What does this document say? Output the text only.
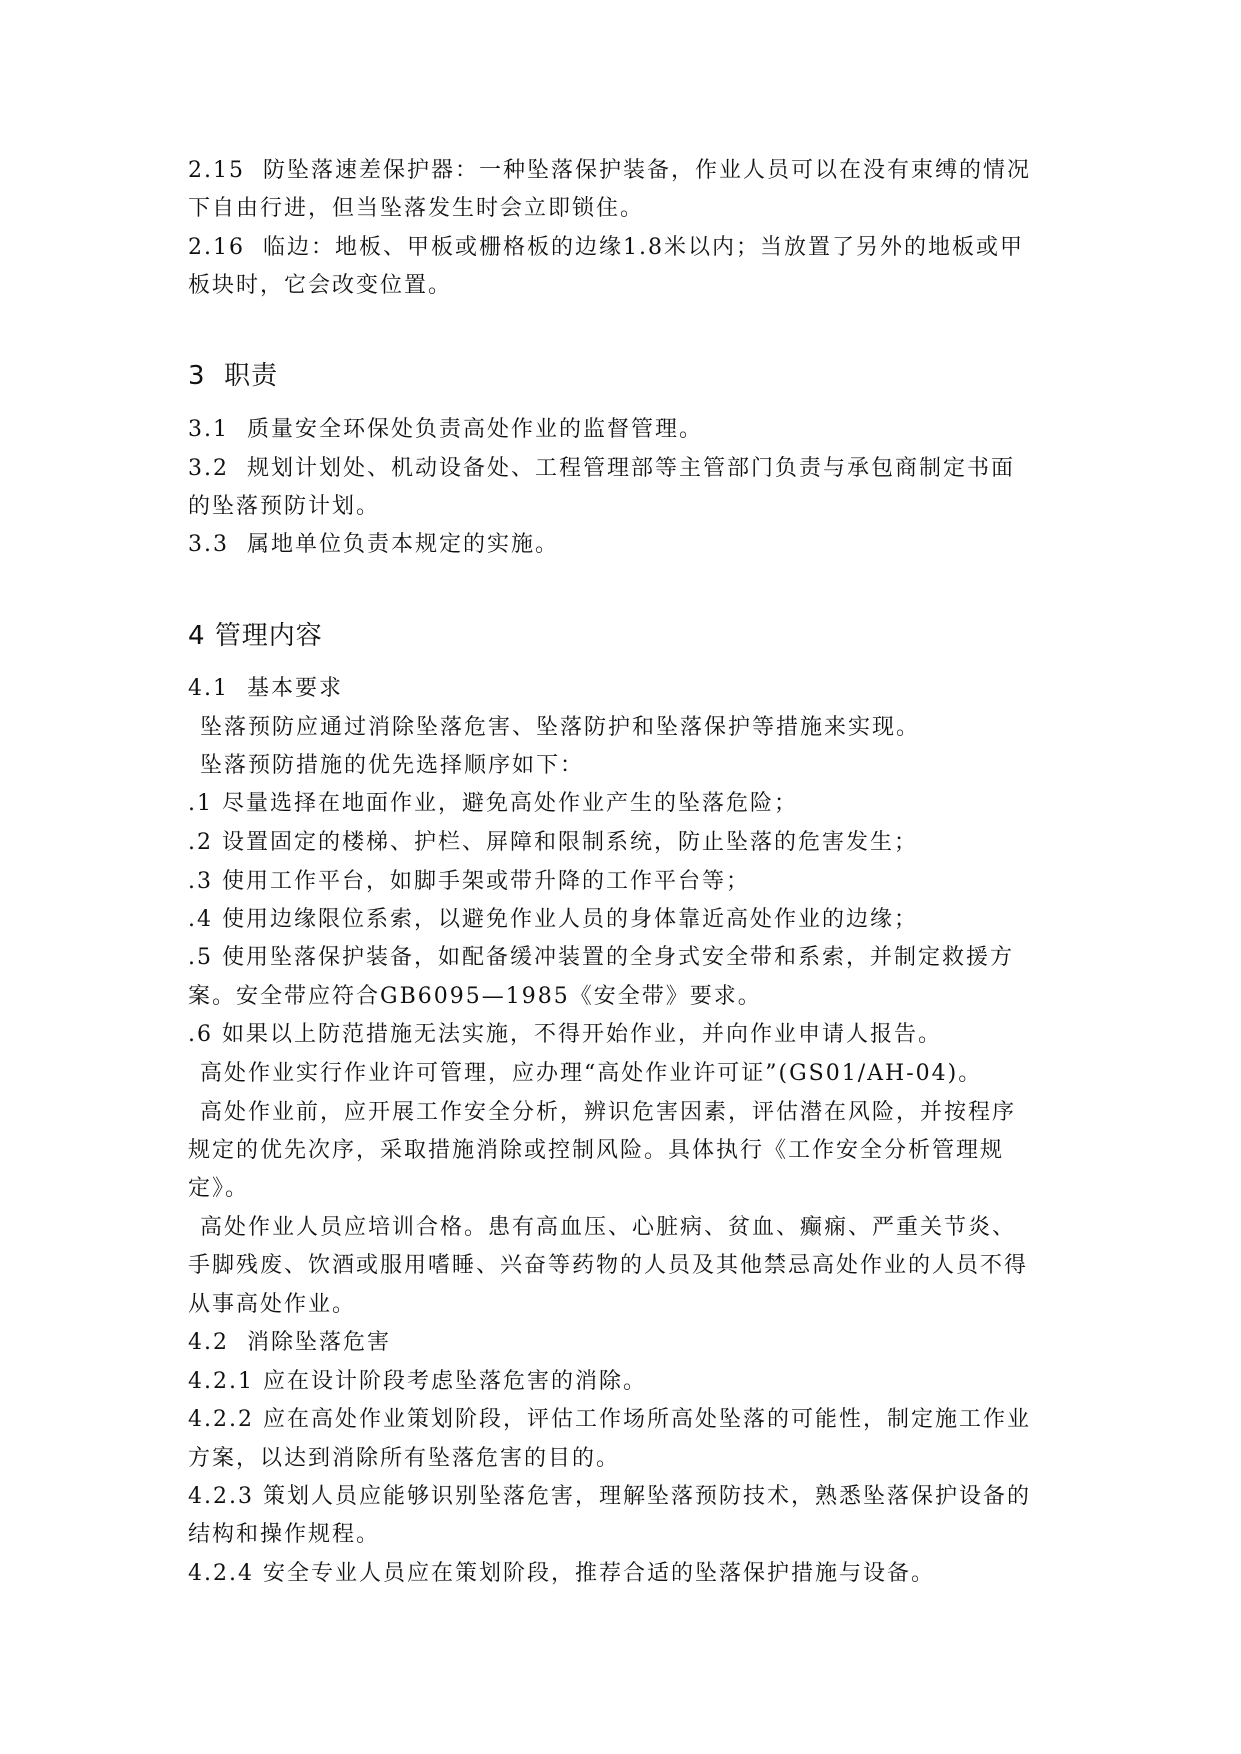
2.15  防坠落速差保护器：一种坠落保护装备，作业人员可以在没有束缚的情况
下自由行进，但当坠落发生时会立即锁住。
2.16  临边：地板、甲板或栅格板的边缘1.8米以内；当放置了另外的地板或甲
板块时，它会改变位置。
3  职责
3.1  质量安全环保处负责高处作业的监督管理。
3.2  规划计划处、机动设备处、工程管理部等主管部门负责与承包商制定书面
的坠落预防计划。
3.3  属地单位负责本规定的实施。
4 管理内容
4.1  基本要求
坠落预防应通过消除坠落危害、坠落防护和坠落保护等措施来实现。
坠落预防措施的优先选择顺序如下：
.1 尽量选择在地面作业，避免高处作业产生的坠落危险；
.2 设置固定的楼梯、护栏、屏障和限制系统，防止坠落的危害发生；
.3 使用工作平台，如脚手架或带升降的工作平台等；
.4 使用边缘限位系索，以避免作业人员的身体靠近高处作业的边缘；
.5 使用坠落保护装备，如配备缓冲装置的全身式安全带和系索，并制定救援方
案。安全带应符合GB6095—1985《安全带》要求。
.6 如果以上防范措施无法实施，不得开始作业，并向作业申请人报告。
高处作业实行作业许可管理，应办理“高处作业许可证”(GS01/AH-04)。
高处作业前，应开展工作安全分析，辨识危害因素，评估潜在风险，并按程序
规定的优先次序，采取措施消除或控制风险。具体执行《工作安全分析管理规
定》。
高处作业人员应培训合格。患有高血压、心脏病、贫血、癫痫、严重关节炎、
手脚残废、饮酒或服用嗜睡、兴奋等药物的人员及其他禁忌高处作业的人员不得
从事高处作业。
4.2  消除坠落危害
4.2.1 应在设计阶段考虑坠落危害的消除。
4.2.2 应在高处作业策划阶段，评估工作场所高处坠落的可能性，制定施工作业
方案，以达到消除所有坠落危害的目的。
4.2.3 策划人员应能够识别坠落危害，理解坠落预防技术，熟悉坠落保护设备的
结构和操作规程。
4.2.4 安全专业人员应在策划阶段，推荐合适的坠落保护措施与设备。
